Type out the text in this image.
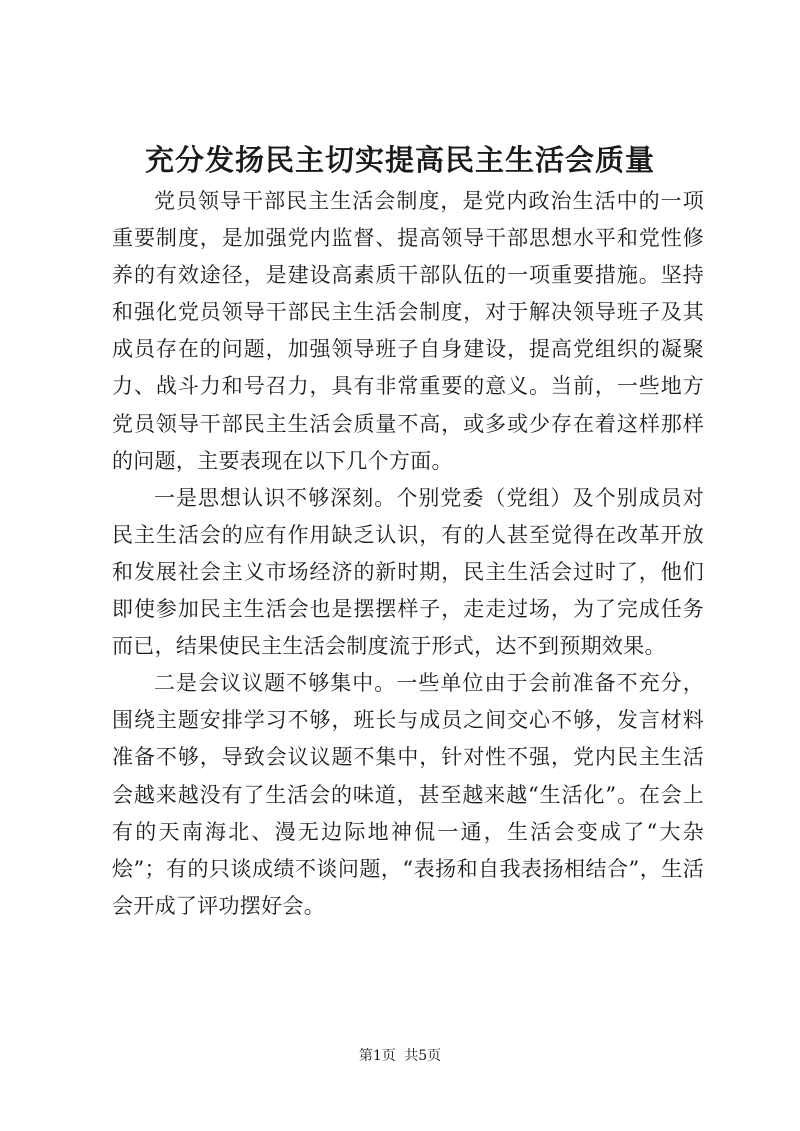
充分发扬民主切实提高民主生活会质量

党员领导干部民主生活会制度，是党内政治生活中的一项重要制度，是加强党内监督、提高领导干部思想水平和党性修养的有效途径，是建设高素质干部队伍的一项重要措施。坚持和强化党员领导干部民主生活会制度，对于解决领导班子及其成员存在的问题，加强领导班子自身建设，提高党组织的凝聚力、战斗力和号召力，具有非常重要的意义。当前，一些地方党员领导干部民主生活会质量不高，或多或少存在着这样那样的问题，主要表现在以下几个方面。

一是思想认识不够深刻。个别党委（党组）及个别成员对民主生活会的应有作用缺乏认识，有的人甚至觉得在改革开放和发展社会主义市场经济的新时期，民主生活会过时了，他们即使参加民主生活会也是摆摆样子，走走过场，为了完成任务而已，结果使民主生活会制度流于形式，达不到预期效果。

二是会议议题不够集中。一些单位由于会前准备不充分，围绕主题安排学习不够，班长与成员之间交心不够，发言材料准备不够，导致会议议题不集中，针对性不强，党内民主生活会越来越没有了生活会的味道，甚至越来越“生活化”。在会上有的天南海北、漫无边际地神侃一通，生活会变成了“大杂烩”；有的只谈成绩不谈问题，“表扬和自我表扬相结合”，生活会开成了评功摆好会。

第1页 共5页
